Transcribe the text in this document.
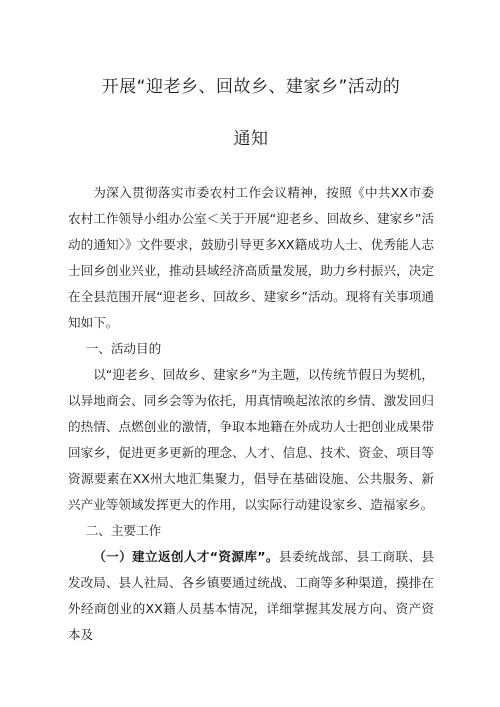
开展“迎老乡、回故乡、建家乡”活动的
通知

为深入贯彻落实市委农村工作会议精神，按照《中共XX市委农村工作领导小组办公室＜关于开展“迎老乡、回故乡、建家乡”活动的通知〉》文件要求，鼓励引导更多XX籍成功人士、优秀能人志士回乡创业兴业，推动县域经济高质量发展，助力乡村振兴，决定在全县范围开展“迎老乡、回故乡、建家乡”活动。现将有关事项通知如下。

一、活动目的

以“迎老乡、回故乡、建家乡”为主题，以传统节假日为契机，以异地商会、同乡会等为依托，用真情唤起浓浓的乡情、激发回归的热情、点燃创业的激情，争取本地籍在外成功人士把创业成果带回家乡，促进更多更新的理念、人才、信息、技术、资金、项目等资源要素在XX州大地汇集聚力，倡导在基础设施、公共服务、新兴产业等领域发挥更大的作用，以实际行动建设家乡、造福家乡。

二、主要工作

（一）建立返创人才“资源库”。县委统战部、县工商联、县发改局、县人社局、各乡镇要通过统战、工商等多种渠道，摸排在外经商创业的XX籍人员基本情况，详细掌握其发展方向、资产资本及
